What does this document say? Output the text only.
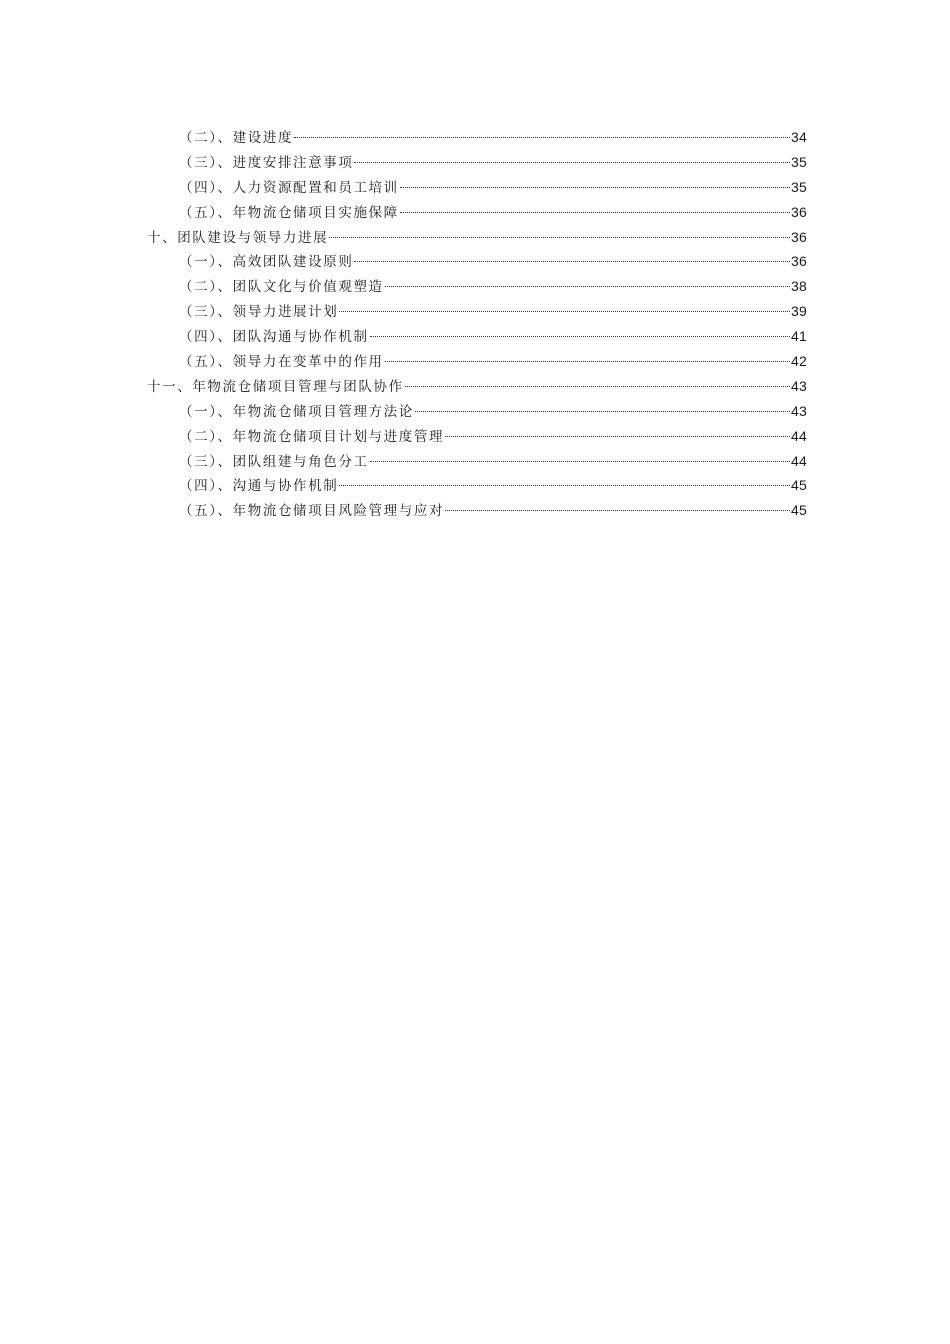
（二）、建设进度	34
（三）、进度安排注意事项	35
（四）、人力资源配置和员工培训	35
（五）、年物流仓储项目实施保障	36
十、团队建设与领导力进展	36
（一）、高效团队建设原则	36
（二）、团队文化与价值观塑造	38
（三）、领导力进展计划	39
（四）、团队沟通与协作机制	41
（五）、领导力在变革中的作用	42
十一、年物流仓储项目管理与团队协作	43
（一）、年物流仓储项目管理方法论	43
（二）、年物流仓储项目计划与进度管理	44
（三）、团队组建与角色分工	44
（四）、沟通与协作机制	45
（五）、年物流仓储项目风险管理与应对	45
